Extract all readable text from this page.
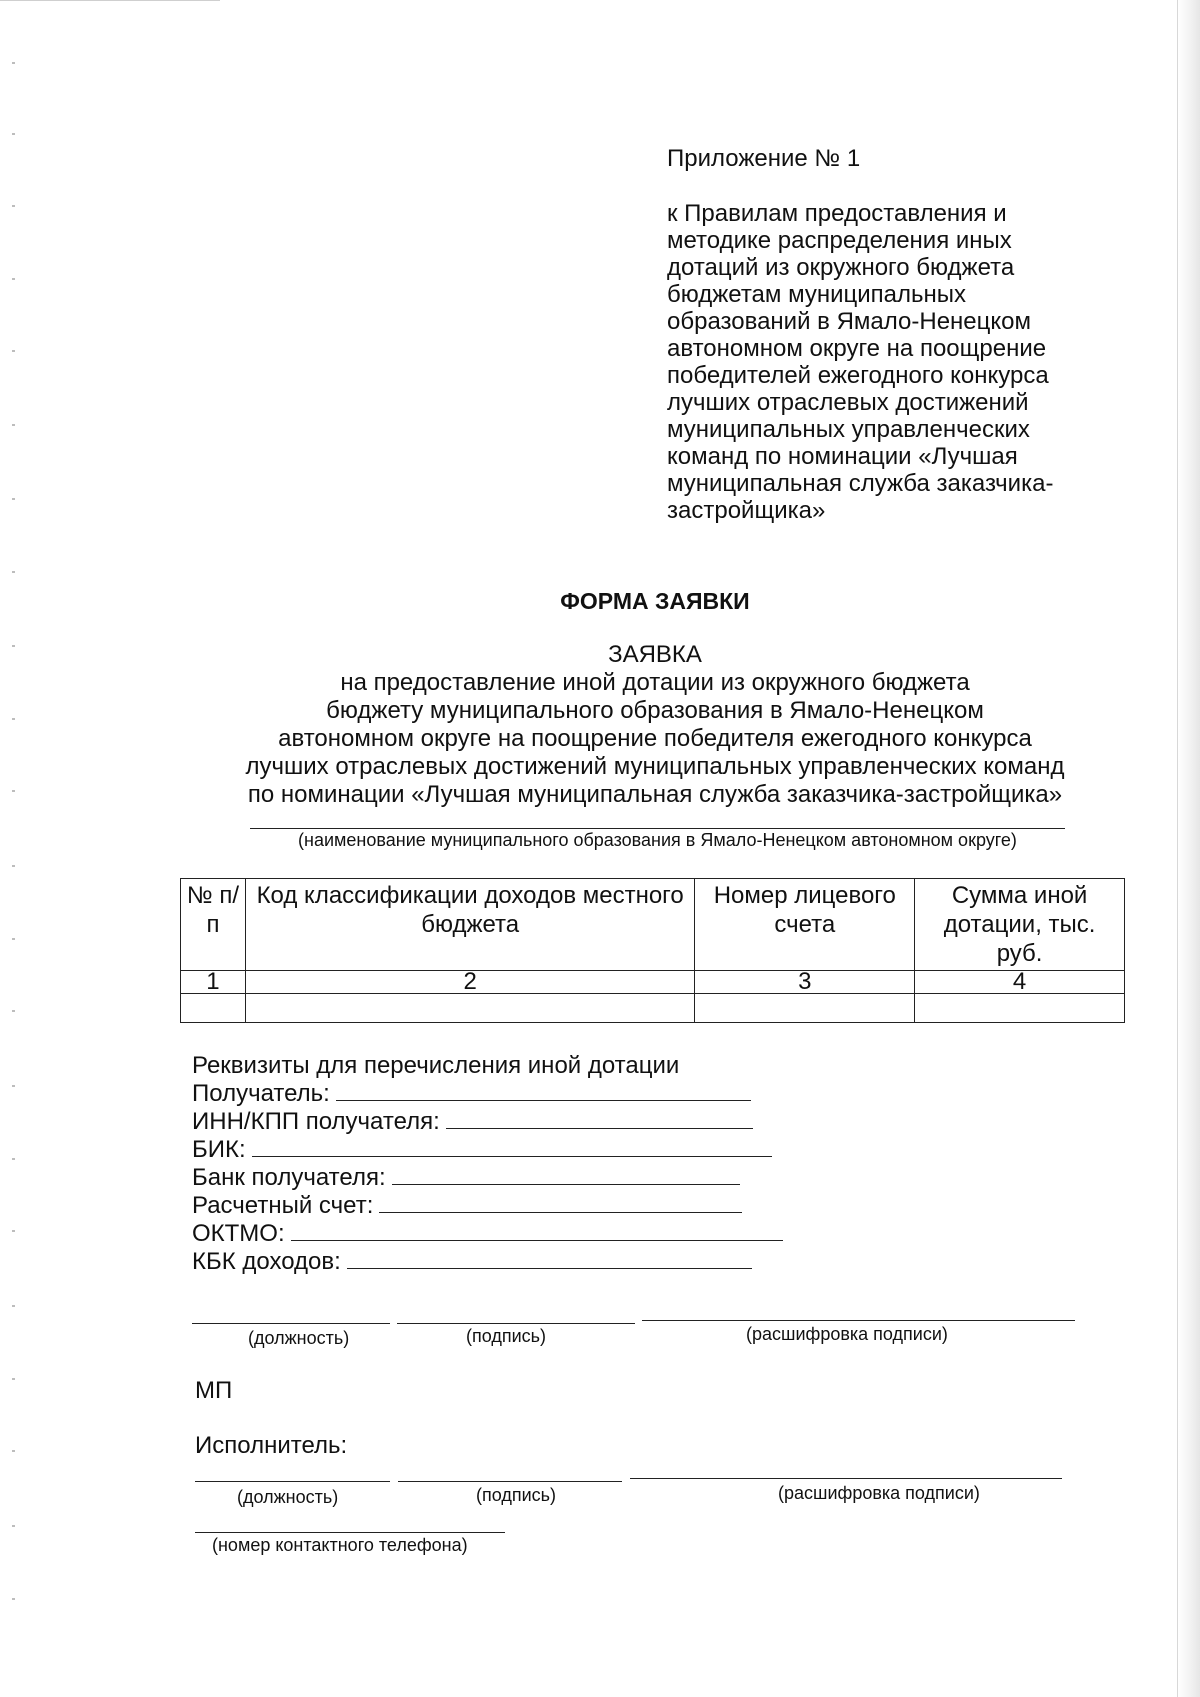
Приложение № 1
к Правилам предоставления и
методике распределения иных
дотаций из окружного бюджета
бюджетам муниципальных
образований в Ямало-Ненецком
автономном округе на поощрение
победителей ежегодного конкурса
лучших отраслевых достижений
муниципальных управленческих
команд по номинации «Лучшая
муниципальная служба заказчика-
застройщика»
ФОРМА ЗАЯВКИ
ЗАЯВКА
на предоставление иной дотации из окружного бюджета
бюджету муниципального образования в Ямало-Ненецком
автономном округе на поощрение победителя ежегодного конкурса
лучших отраслевых достижений муниципальных управленческих команд
по номинации «Лучшая муниципальная служба заказчика-застройщика»
(наименование муниципального образования в Ямало-Ненецком автономном округе)
№ п/п	Код классификации доходов местного бюджета	Номер лицевого счета	Сумма иной дотации, тыс. руб.
1	2	3	4

Реквизиты для перечисления иной дотации
Получатель:
ИНН/КПП получателя:
БИК:
Банк получателя:
Расчетный счет:
ОКТМО:
КБК доходов:
(должность)	(подпись)	(расшифровка подписи)
МП
Исполнитель:
(должность)	(подпись)	(расшифровка подписи)
(номер контактного телефона)
